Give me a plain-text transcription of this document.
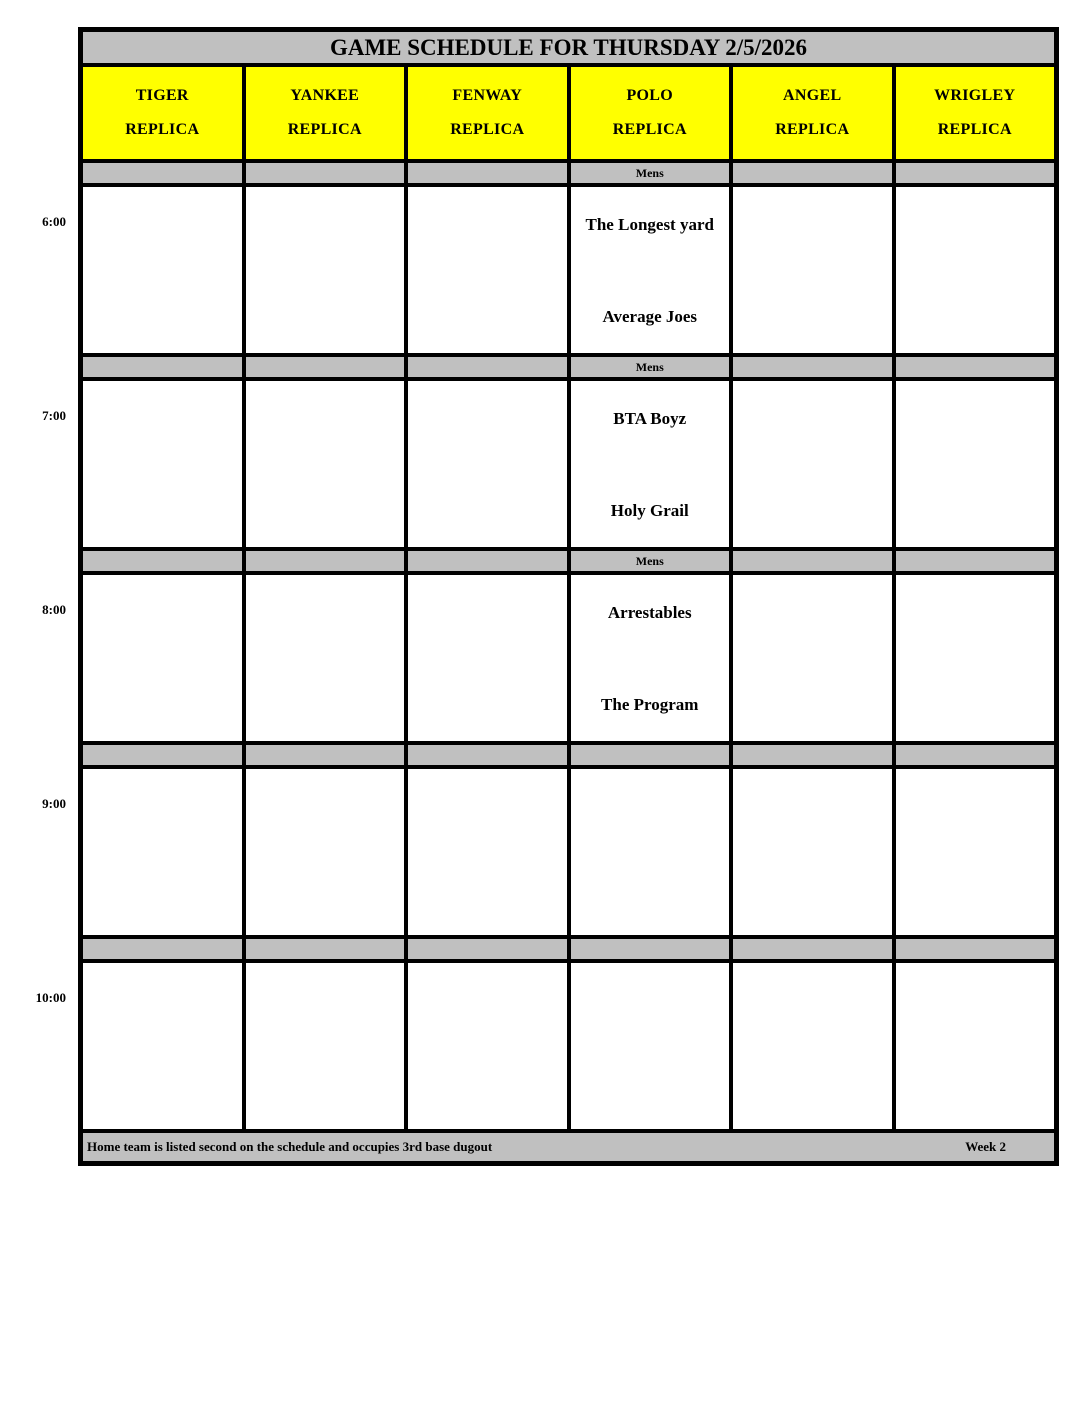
6:00
7:00
8:00
9:00
10:00
GAME SCHEDULE FOR THURSDAY 2/5/2026
TIGER
REPLICA
YANKEE
REPLICA
FENWAY
REPLICA
POLO
REPLICA
ANGEL
REPLICA
WRIGLEY
REPLICA
Mens
The Longest yard
Average Joes
Mens
BTA Boyz
Holy Grail
Mens
Arrestables
The Program
Home team is listed second on the schedule and occupies 3rd base dugout	Week 2
